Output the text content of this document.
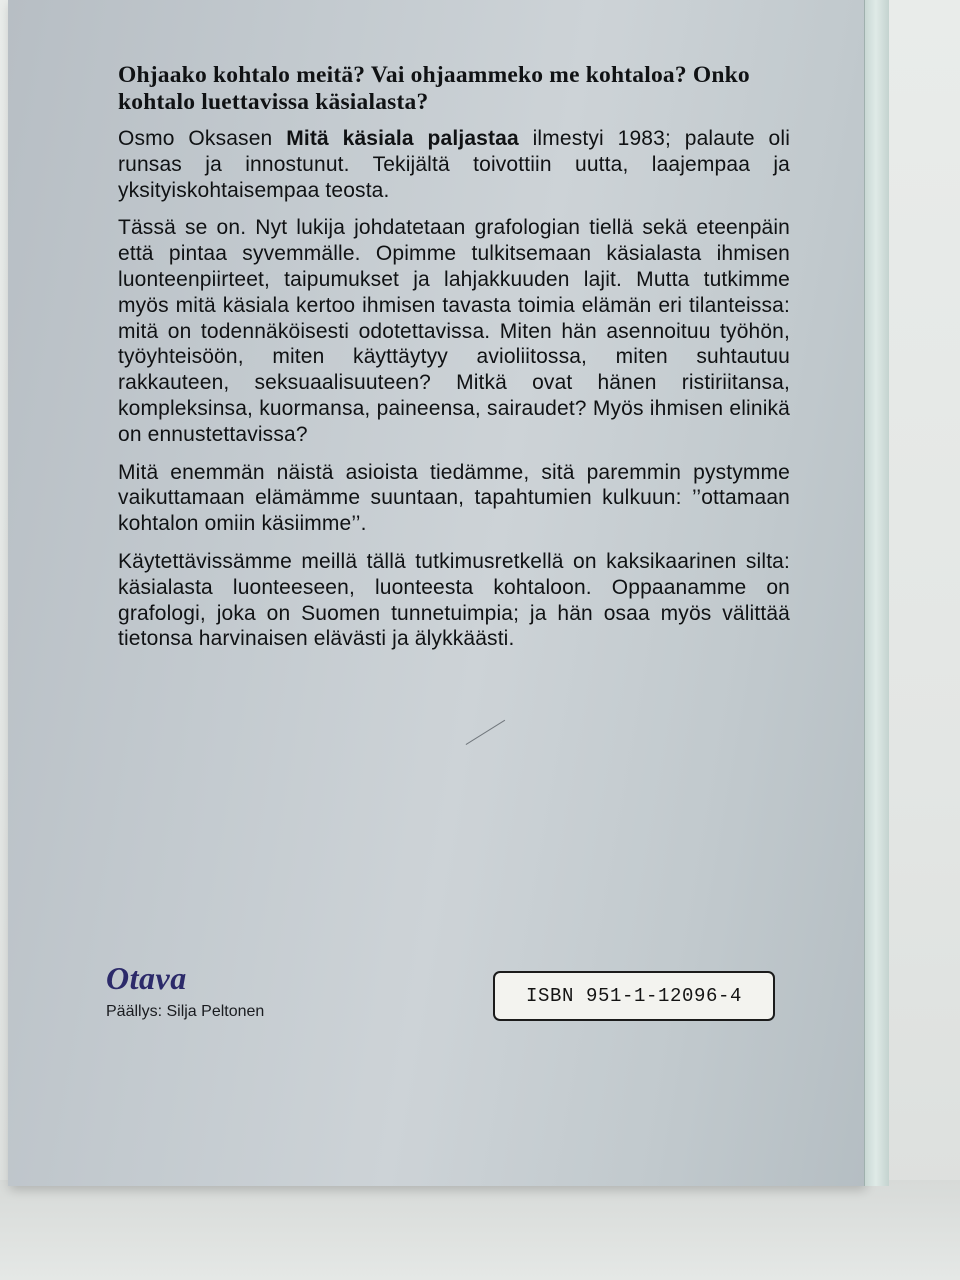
Ohjaako kohtalo meitä? Vai ohjaammeko me kohtaloa? Onko kohtalo luettavissa käsialasta?

Osmo Oksasen Mitä käsiala paljastaa ilmestyi 1983; palaute oli runsas ja innostunut. Tekijältä toivottiin uutta, laajempaa ja yksityiskohtaisempaa teosta.

Tässä se on. Nyt lukija johdatetaan grafologian tiellä sekä eteenpäin että pintaa syvemmälle. Opimme tulkitsemaan käsialasta ihmisen luonteenpiirteet, taipumukset ja lahjakkuuden lajit. Mutta tutkimme myös mitä käsiala kertoo ihmisen tavasta toimia elämän eri tilanteissa: mitä on todennäköisesti odotettavissa. Miten hän asennoituu työhön, työyhteisöön, miten käyttäytyy avioliitossa, miten suhtautuu rakkauteen, seksuaalisuuteen? Mitkä ovat hänen ristiriitansa, kompleksinsa, kuormansa, paineensa, sairaudet? Myös ihmisen elinikä on ennustettavissa?

Mitä enemmän näistä asioista tiedämme, sitä paremmin pystymme vaikuttamaan elämämme suuntaan, tapahtumien kulkuun: ’’ottamaan kohtalon omiin käsiimme’’.

Käytettävissämme meillä tällä tutkimusretkellä on kaksikaarinen silta: käsialasta luonteeseen, luonteesta kohtaloon. Oppaanamme on grafologi, joka on Suomen tunnetuimpia; ja hän osaa myös välittää tietonsa harvinaisen elävästi ja älykkäästi.

Otava
Päällys: Silja Peltonen
ISBN 951-1-12096-4
